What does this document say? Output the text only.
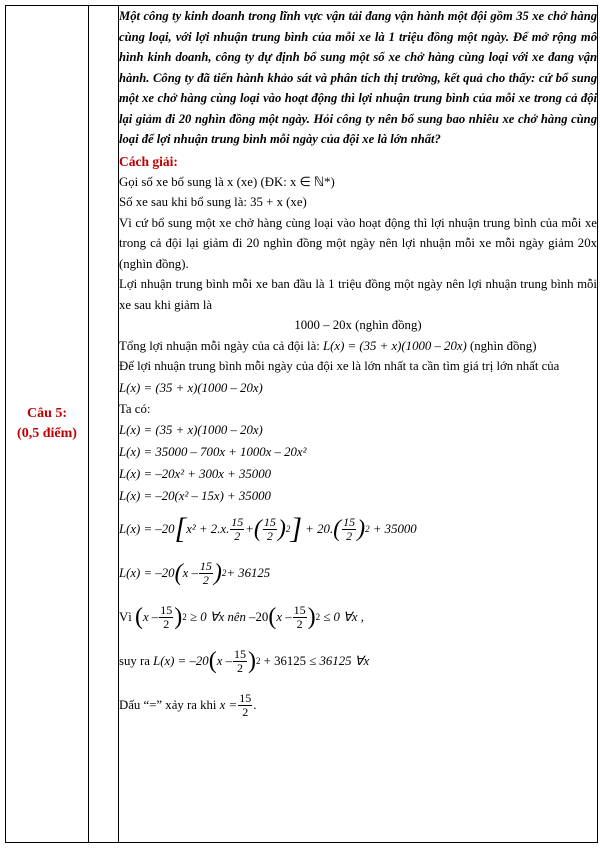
Câu 5:
(0,5 điểm)

Một công ty kinh doanh trong lĩnh vực vận tải đang vận hành một đội gồm 35 xe chở hàng cùng loại, với lợi nhuận trung bình của mỗi xe là 1 triệu đồng một ngày. Để mở rộng mô hình kinh doanh, công ty dự định bổ sung một số xe chở hàng cùng loại với xe đang vận hành. Công ty đã tiến hành khảo sát và phân tích thị trường, kết quả cho thấy: cứ bổ sung một xe chở hàng cùng loại vào hoạt động thì lợi nhuận trung bình của mỗi xe trong cả đội lại giảm đi 20 nghìn đồng một ngày. Hỏi công ty nên bổ sung bao nhiêu xe chở hàng cùng loại để lợi nhuận trung bình mỗi ngày của đội xe là lớn nhất?
Cách giải:
Gọi số xe bổ sung là x (xe) (ĐK: x ∈ ℕ*)
Số xe sau khi bổ sung là: 35 + x (xe)
Vì cứ bổ sung một xe chở hàng cùng loại vào hoạt động thì lợi nhuận trung bình của mỗi xe trong cả đội lại giảm đi 20 nghìn đồng một ngày nên lợi nhuận mỗi xe mỗi ngày giảm 20x (nghìn đồng).
Lợi nhuận trung bình mỗi xe ban đầu là 1 triệu đồng một ngày nên lợi nhuận trung bình mỗi xe sau khi giảm là
1000 – 20x (nghìn đồng)
Tổng lợi nhuận mỗi ngày của cả đội là: L(x) = (35 + x)(1000 – 20x) (nghìn đồng)
Để lợi nhuận trung bình mỗi ngày của đội xe là lớn nhất ta cần tìm giá trị lớn nhất của
L(x) = (35 + x)(1000 – 20x)
Ta có:
L(x) = (35 + x)(1000 – 20x)
L(x) = 35000 – 700x + 1000x – 20x²
L(x) = –20x² + 300x + 35000
L(x) = –20(x² – 15x) + 35000
L(x) = –20 [ x² + 2.x. $\frac{15}{2}$ + ( $\frac{15}{2}$ ) 2 ] + 20. ( $\frac{15}{2}$ ) 2 + 35000
L(x) = –20 ( x – $\frac{15}{2}$ ) 2 + 36125
Vì
( x – $\frac{15}{2}$ ) 2
≥ 0 ∀x nên –20 ( x – $\frac{15}{2}$ ) 2
≤ 0 ∀x ,
suy ra
L(x) = –20 ( x – $\frac{15}{2}$ ) 2 + 36125 ≤ 36125 ∀x
Dấu “=” xảy ra khi
$x = \frac{15}{2}$ .
